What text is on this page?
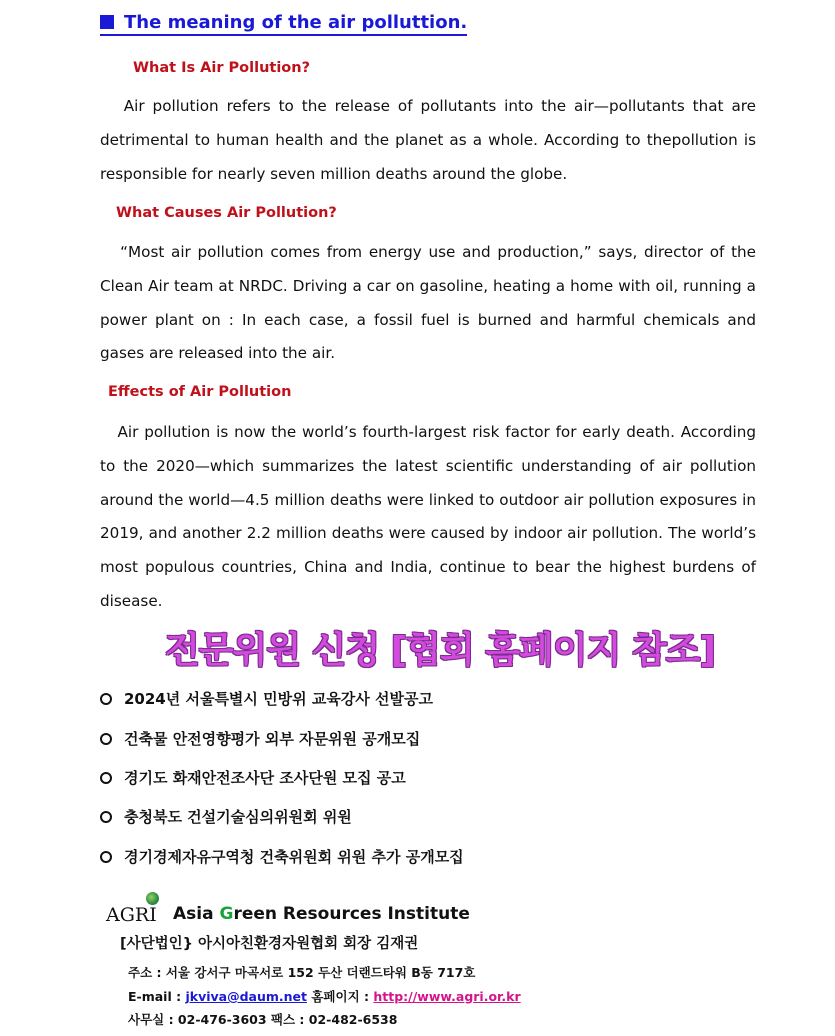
The meaning of the air polluttion.
What Is Air Pollution?
Air pollution refers to the release of pollutants into the air—pollutants that are detrimental to human health and the planet as a whole. According to thepollution is responsible for nearly seven million deaths around the globe.
What Causes Air Pollution?
“Most air pollution comes from energy use and production,” says, director of the Clean Air team at NRDC. Driving a car on gasoline, heating a home with oil, running a power plant on : In each case, a fossil fuel is burned and harmful chemicals and gases are released into the air.
Effects of Air Pollution
Air pollution is now the world’s fourth-largest risk factor for early death. According to the 2020—which summarizes the latest scientific understanding of air pollution around the world—4.5 million deaths were linked to outdoor air pollution exposures in 2019, and another 2.2 million deaths were caused by indoor air pollution. The world’s most populous countries, China and India, continue to bear the highest burdens of disease.
전문위원 신청 [협회 홈페이지 참조]
2024년 서울특별시 민방위 교육강사 선발공고
건축물 안전영향평가 외부 자문위원 공개모집
경기도 화재안전조사단 조사단원 모집 공고
충청북도 건설기술심의위원회 위원
경기경제자유구역청 건축위원회 위원 추가 공개모집
AGRI Asia Green Resources Institute
[사단법인} 아시아친환경자원협회 회장 김재권
주소 : 서울 강서구 마곡서로 152 두산 더랜드타워 B동 717호
E-mail : jkviva@daum.net 홈페이지 : http://www.agri.or.kr
사무실 : 02-476-3603 팩스 : 02-482-6538
